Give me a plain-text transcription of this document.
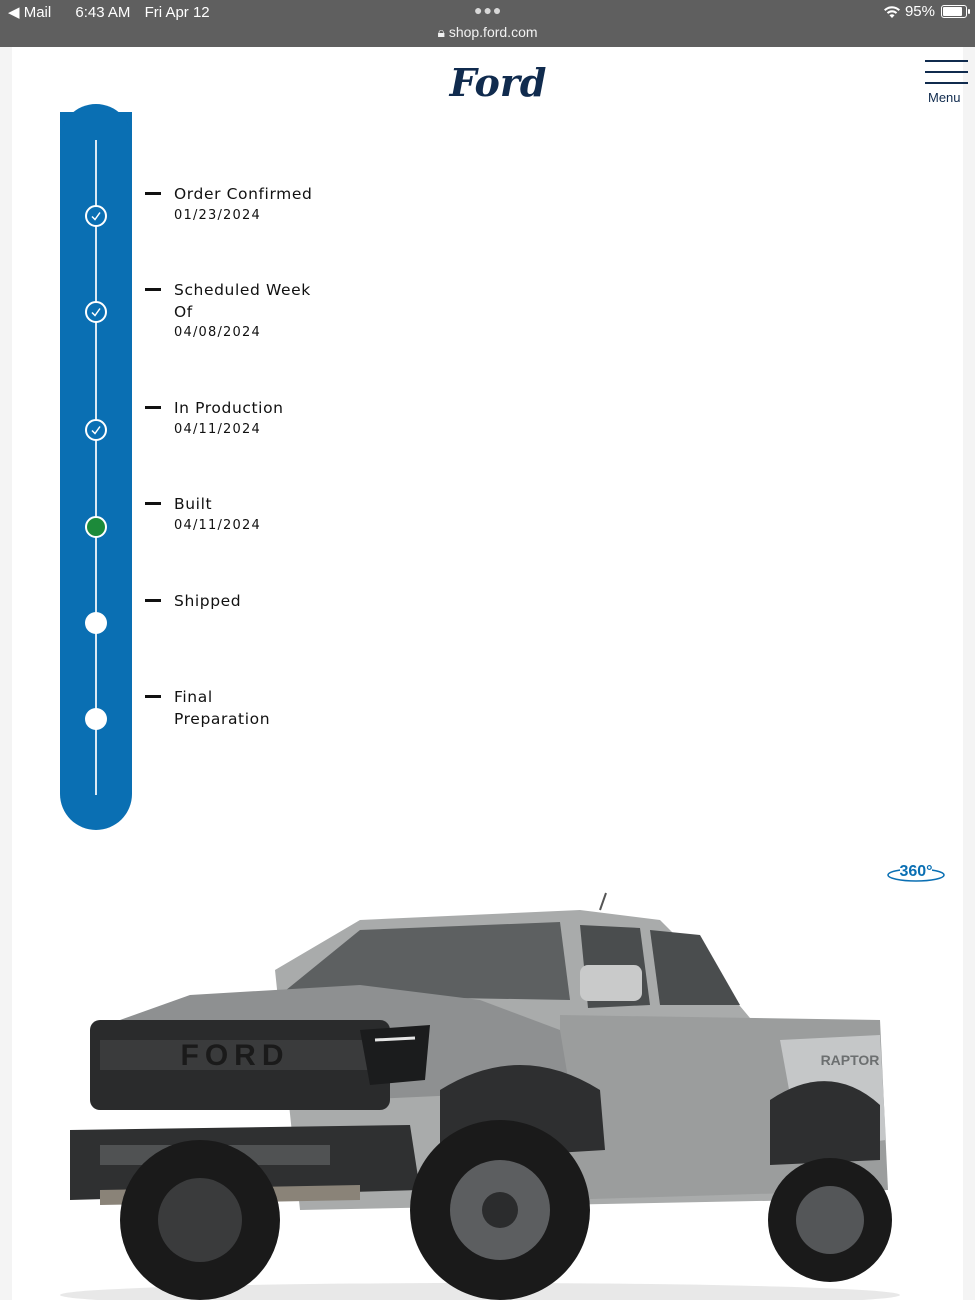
◀ Mail 6:43 AM Fri Apr 12	●●●
🔒︎ shop.ford.com
95%
Ford	Menu
Order Confirmed
01/23/2024
Scheduled Week Of
04/08/2024
In Production
04/11/2024
Built
04/11/2024
Shipped
Final Preparation
360°
RAPTOR
FORD
